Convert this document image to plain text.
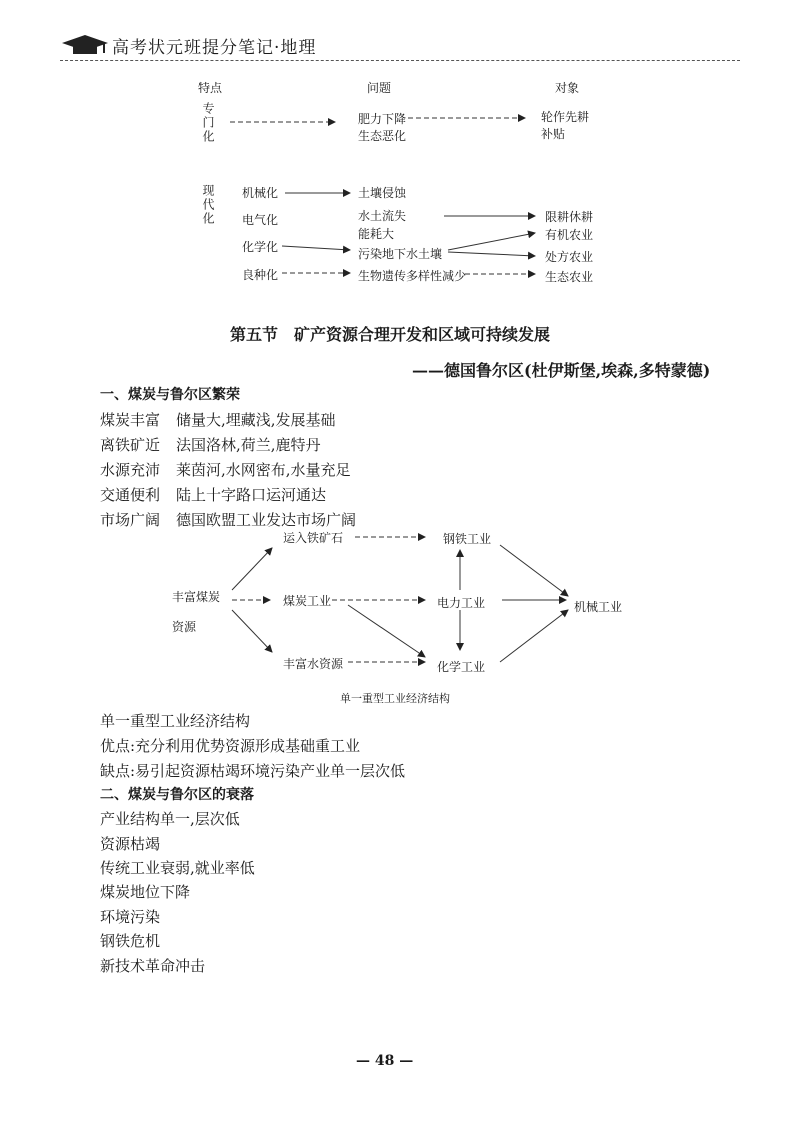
高考状元班提分笔记·地理
特点	问题	对象
专门化	肥力下降
生态恶化
轮作先耕
补贴
现代化 机械化
电气化
化学化
良种化
土壤侵蚀
水土流失
能耗大
污染地下水土壤
生物遗传多样性减少
限耕休耕
有机农业
处方农业
生态农业
第五节　矿产资源合理开发和区域可持续发展
——德国鲁尔区(杜伊斯堡,埃森,多特蒙德)
一、煤炭与鲁尔区繁荣
煤炭丰富 储量大,埋藏浅,发展基础
离铁矿近 法国洛林,荷兰,鹿特丹
水源充沛 莱茵河,水网密布,水量充足
交通便利 陆上十字路口运河通达
市场广阔 德国欧盟工业发达市场广阔
丰富煤炭
资源
运入铁矿石
煤炭工业
丰富水资源
钢铁工业
电力工业
化学工业
机械工业
单一重型工业经济结构
单一重型工业经济结构
优点:充分利用优势资源形成基础重工业
缺点:易引起资源枯竭环境污染产业单一层次低
二、煤炭与鲁尔区的衰落
产业结构单一,层次低
资源枯竭
传统工业衰弱,就业率低
煤炭地位下降
环境污染
钢铁危机
新技术革命冲击
— 48 —
